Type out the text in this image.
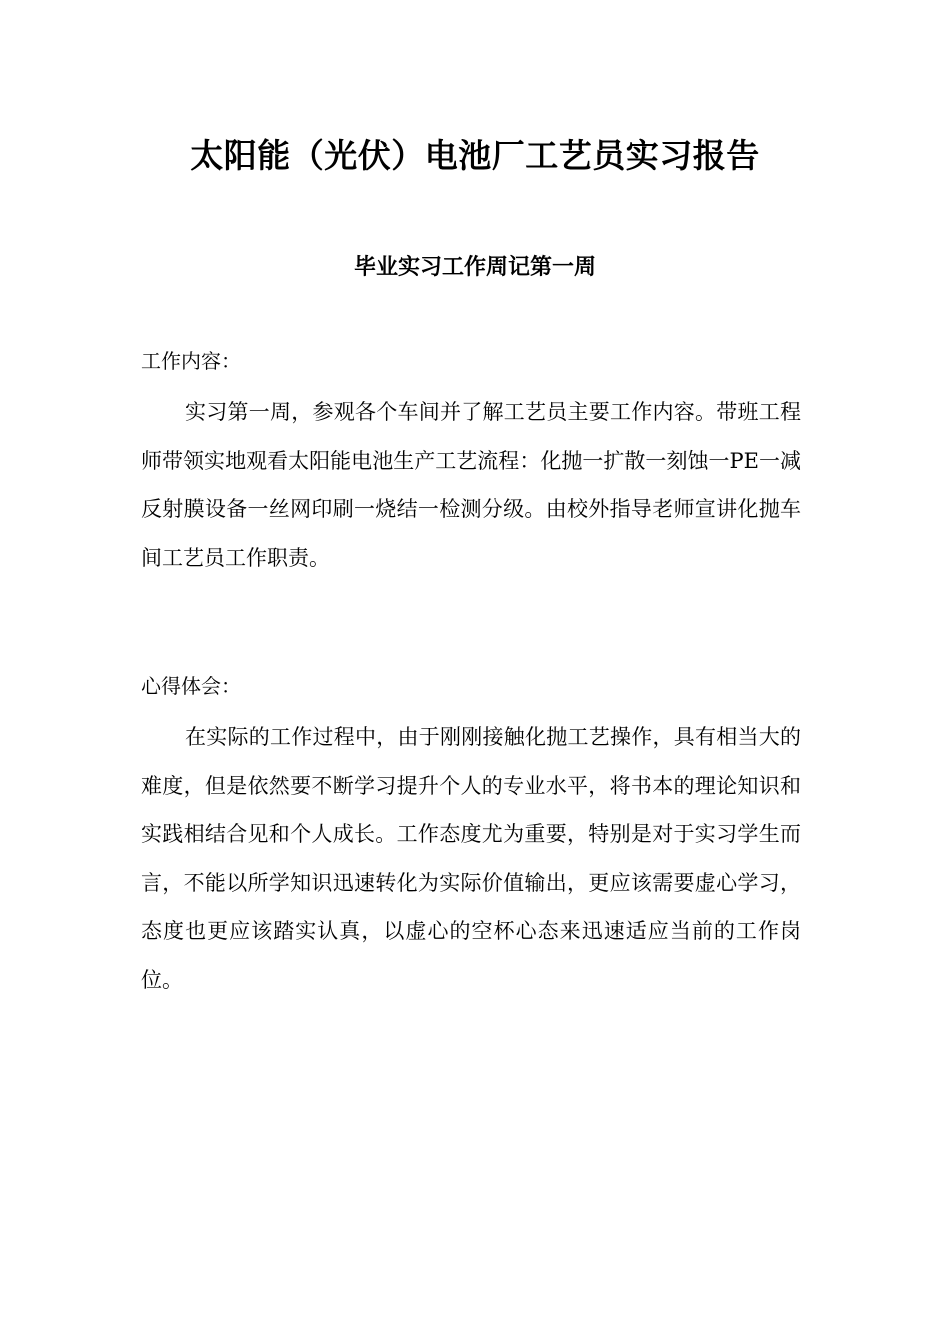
太阳能（光伏）电池厂工艺员实习报告
毕业实习工作周记第一周

工作内容：

实习第一周，参观各个车间并了解工艺员主要工作内容。带班工程师带领实地观看太阳能电池生产工艺流程：化抛一扩散一刻蚀一PE一减反射膜设备一丝网印刷一烧结一检测分级。由校外指导老师宣讲化抛车间工艺员工作职责。

心得体会：

在实际的工作过程中，由于刚刚接触化抛工艺操作，具有相当大的难度，但是依然要不断学习提升个人的专业水平，将书本的理论知识和实践相结合见和个人成长。工作态度尤为重要，特别是对于实习学生而言，不能以所学知识迅速转化为实际价值输出，更应该需要虚心学习，态度也更应该踏实认真，以虚心的空杯心态来迅速适应当前的工作岗位。
